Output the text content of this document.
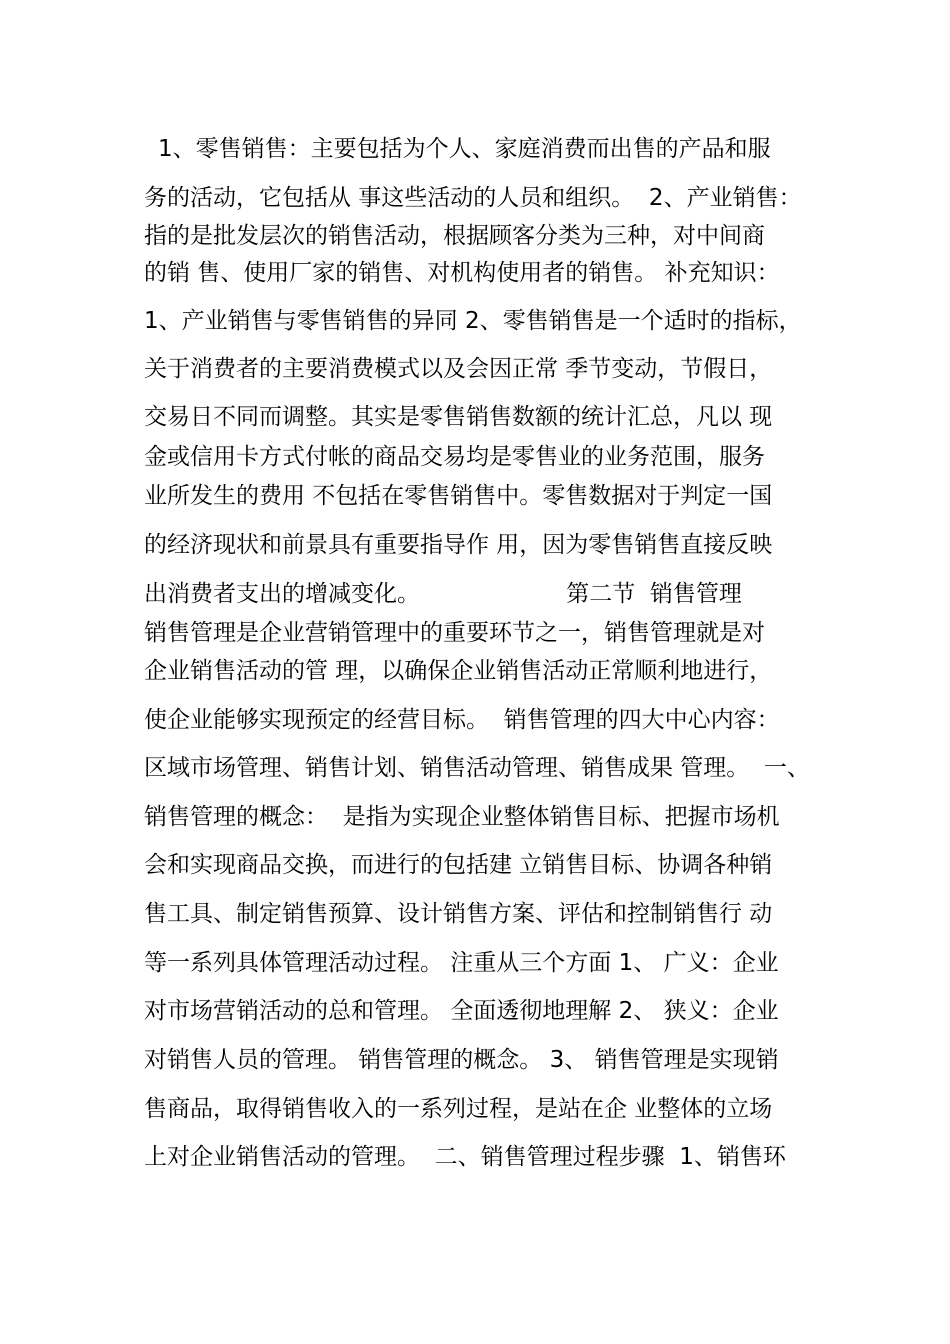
1、零售销售：主要包括为个人、家庭消费而出售的产品和服
务的活动，它包括从 事这些活动的人员和组织。  2、产业销售：
指的是批发层次的销售活动，根据顾客分类为三种，对中间商
的销 售、使用厂家的销售、对机构使用者的销售。 补充知识：
1、产业销售与零售销售的异同 2、零售销售是一个适时的指标，
关于消费者的主要消费模式以及会因正常 季节变动，节假日，
交易日不同而调整。其实是零售销售数额的统计汇总，凡以 现
金或信用卡方式付帐的商品交易均是零售业的业务范围，服务
业所发生的费用 不包括在零售销售中。零售数据对于判定一国
的经济现状和前景具有重要指导作 用，因为零售销售直接反映
出消费者支出的增减变化。                    第二节  销售管理
销售管理是企业营销管理中的重要环节之一，销售管理就是对
企业销售活动的管 理，以确保企业销售活动正常顺利地进行，
使企业能够实现预定的经营目标。  销售管理的四大中心内容：
区域市场管理、销售计划、销售活动管理、销售成果 管理。  一、
销售管理的概念：  是指为实现企业整体销售目标、把握市场机
会和实现商品交换，而进行的包括建 立销售目标、协调各种销
售工具、制定销售预算、设计销售方案、评估和控制销售行 动
等一系列具体管理活动过程。 注重从三个方面 1、 广义：企业
对市场营销活动的总和管理。 全面透彻地理解 2、 狭义：企业
对销售人员的管理。 销售管理的概念。 3、 销售管理是实现销
售商品，取得销售收入的一系列过程，是站在企 业整体的立场
上对企业销售活动的管理。  二、销售管理过程步骤  1、销售环
